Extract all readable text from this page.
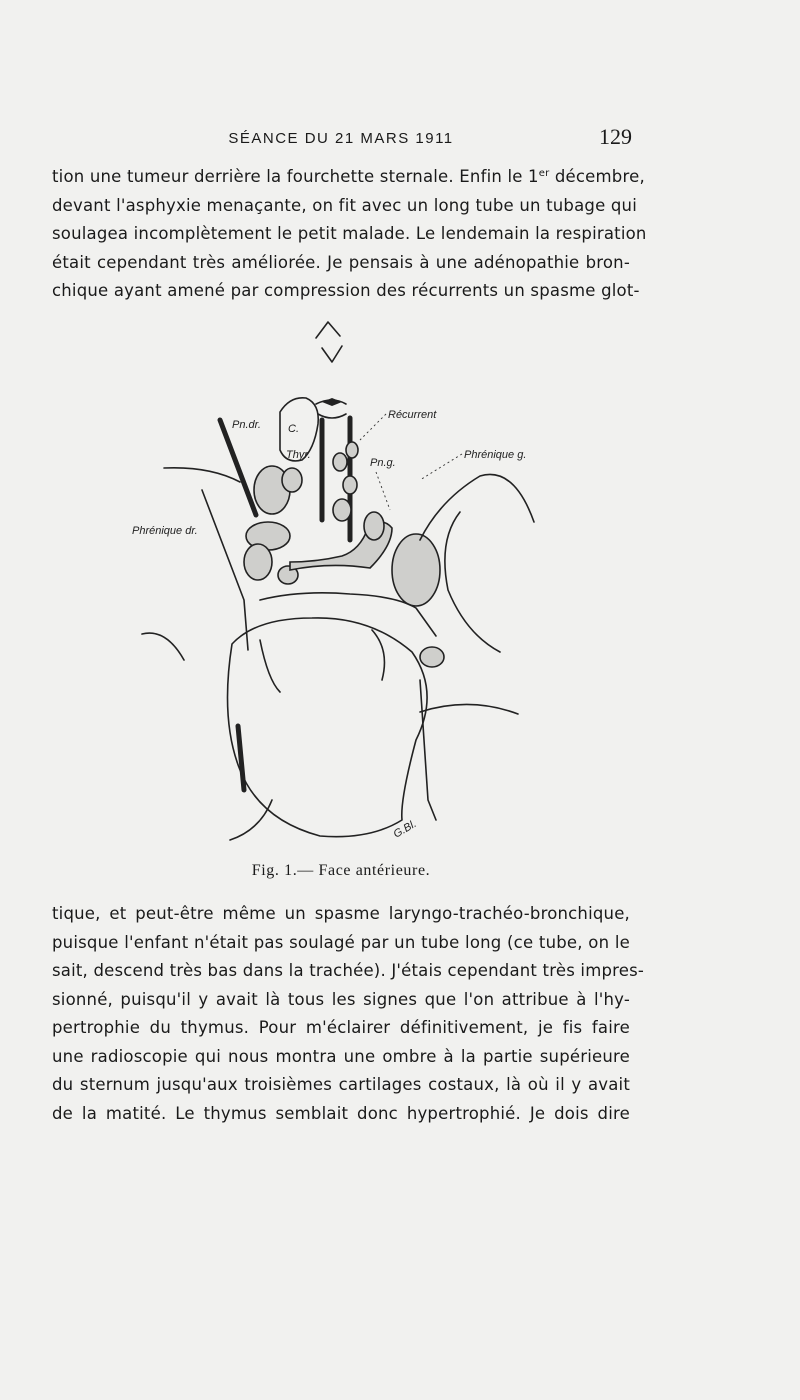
SÉANCE DU 21 MARS 1911	129
tion une tumeur derrière la fourchette sternale. Enfin le 1er décembre,
devant l'asphyxie menaçante, on fit avec un long tube un tubage qui
soulagea incomplètement le petit malade. Le lendemain la respiration
était cependant très améliorée. Je pensais à une adénopathie bron-
chique ayant amené par compression des récurrents un spasme glot-
Pn.dr. C.
Thyr.
Récurrent
Pn.g.
Phrénique g.
Phrénique dr.
G.Bl.
Fig. 1.— Face antérieure.
tique, et peut-être même un spasme laryngo-trachéo-bronchique,
puisque l'enfant n'était pas soulagé par un tube long (ce tube, on le
sait, descend très bas dans la trachée). J'étais cependant très impres-
sionné, puisqu'il y avait là tous les signes que l'on attribue à l'hy-
pertrophie du thymus. Pour m'éclairer définitivement, je fis faire
une radioscopie qui nous montra une ombre à la partie supérieure
du sternum jusqu'aux troisièmes cartilages costaux, là où il y avait
de la matité. Le thymus semblait donc hypertrophié. Je dois dire
